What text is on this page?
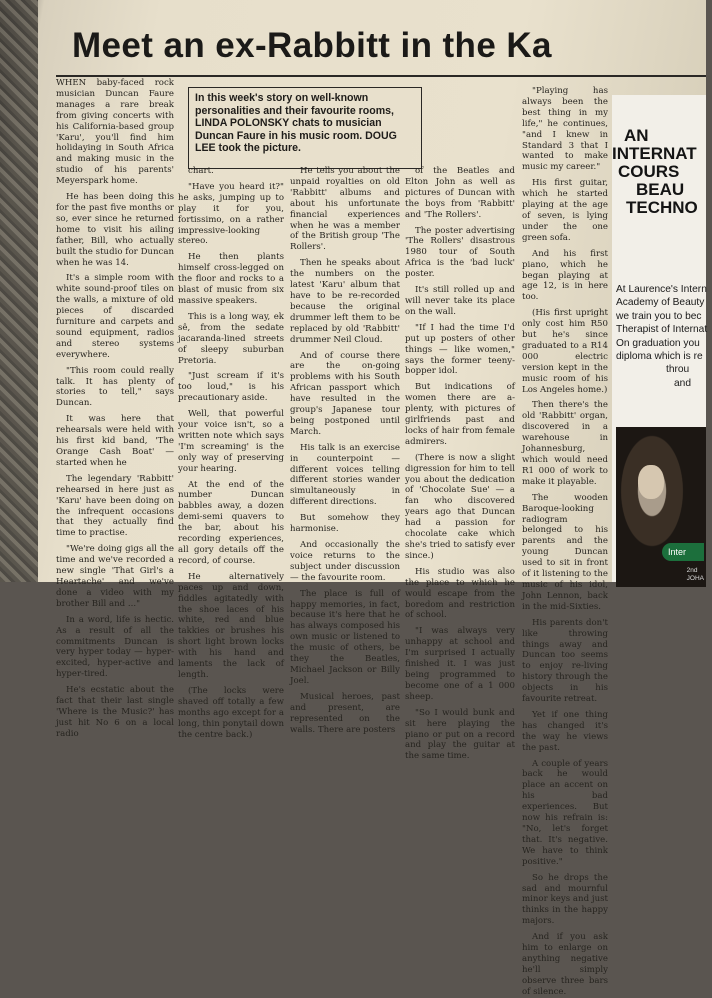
Meet an ex-Rabbitt in the Ka
In this week's story on well-known personalities and their favourite rooms, LINDA POLONSKY chats to musician Duncan Faure in his music room. DOUG LEE took the picture.

WHEN baby-faced rock musician Duncan Faure manages a rare break from giving concerts with his California-based group 'Karu', you'll find him holidaying in South Africa and making music in the studio of his parents' Meyerspark home.

He has been doing this for the past five months or so, ever since he returned home to visit his ailing father, Bill, who actually built the studio for Duncan when he was 14.

It's a simple room with white sound-proof tiles on the walls, a mixture of old pieces of discarded furniture and carpets and sound equipment, radios and stereo systems everywhere.

"This room could really talk. It has plenty of stories to tell," says Duncan.

It was here that rehearsals were held with his first kid band, 'The Orange Cash Boat' — started when he

The legendary 'Rabbitt' rehearsed in here just as 'Karu' have been doing on the infrequent occasions that they actually find time to practise.

"We're doing gigs all the time and we've recorded a new single 'That Girl's a Heartache' and we've done a video with my brother Bill and ..."

In a word, life is hectic. As a result of all the commitments Duncan is very hyper today — hyper-excited, hyper-active and hyper-tired.

He's ecstatic about the fact that their last single 'Where is the Music?' has just hit No 6 on a local radio

chart.

"Have you heard it?" he asks, jumping up to play it for you, fortissimo, on a rather impressive-looking stereo.

He then plants himself cross-legged on the floor and rocks to a blast of music from six massive speakers.

This is a long way, ek sê, from the sedate jacaranda-lined streets of sleepy suburban Pretoria.

"Just scream if it's too loud," is his precautionary aside.

Well, that powerful your voice isn't, so a written note which says 'I'm screaming' is the only way of preserving your hearing.

At the end of the number Duncan babbles away, a dozen demi-semi quavers to the bar, about his recording experiences, all gory details off the record, of course.

He alternatively paces up and down, fiddles agitatedly with the shoe laces of his white, red and blue takkies or brushes his short light brown locks with his hand and laments the lack of length.

(The locks were shaved off totally a few months ago except for a long, thin ponytail down the centre back.)

He tells you about the unpaid royalties on old 'Rabbitt' albums and about his unfortunate financial experiences when he was a member of the British group 'The Rollers'.

Then he speaks about the numbers on the latest 'Karu' album that have to be re-recorded because the original drummer left them to be replaced by old 'Rabbitt' drummer Neil Cloud.

And of course there are the on-going problems with his South African passport which have resulted in the group's Japanese tour being postponed until March.

His talk is an exercise in counterpoint — different voices telling different stories wander simultaneously in different directions.

But somehow they harmonise.

And occasionally the voice returns to the subject under discussion — the favourite room.

The place is full of happy memories, in fact, because it's here that he has always composed his own music or listened to the music of others, be they the Beatles, Michael Jackson or Billy Joel.

Musical heroes, past and present, are represented on the walls. There are posters

of the Beatles and Elton John as well as pictures of Duncan with the boys from 'Rabbitt' and 'The Rollers'.

The poster advertising 'The Rollers' disastrous 1980 tour of South Africa is the 'bad luck' poster.

It's still rolled up and will never take its place on the wall.

"If I had the time I'd put up posters of other things — like women," says the former teeny-bopper idol.

But indications of women there are a-plenty, with pictures of girlfriends past and locks of hair from female admirers.

(There is now a slight digression for him to tell you about the dedication of 'Chocolate Sue' — a fan who discovered years ago that Duncan had a passion for chocolate cake which she's tried to satisfy ever since.)

His studio was also the place to which he would escape from the boredom and restriction of school.

"I was always very unhappy at school and I'm surprised I actually finished it. I was just being programmed to become one of a 1 000 sheep.

"So I would bunk and sit here playing the piano or put on a record and play the guitar at the same time.

"Playing has always been the best thing in my life," he continues, "and I knew in Standard 3 that I wanted to make music my career."

His first guitar, which he started playing at the age of seven, is lying under the one green sofa.

And his first piano, which he began playing at age 12, is in here too.

(His first upright only cost him R50 but he's since graduated to a R14 000 electric version kept in the music room of his Los Angeles home.)

Then there's the old 'Rabbitt' organ, discovered in a warehouse in Johannesburg, which would need R1 000 of work to make it playable.

The wooden Baroque-looking radiogram belonged to his parents and the young Duncan used to sit in front of it listening to the music of his idol, John Lennon, back in the mid-Sixties.

His parents don't like throwing things away and Duncan too seems to enjoy re-living history through the objects in his favourite retreat.

Yet if one thing has changed it's the way he views the past.

A couple of years back he would place an accent on his bad experiences. But now his refrain is: "No, let's forget that. It's negative. We have to think positive."

So he drops the sad and mournful minor keys and just thinks in the happy majors.

And if you ask him to enlarge on anything negative he'll simply observe three bars of silence.

AN
INTERNAT
COURS
BEAU
TECHNO
At Laurence's Intern
Academy of Beauty
we train you to bec
Therapist of Internat
On graduation you
diploma which is re
throu
and
Inter
2nd
JOHA
